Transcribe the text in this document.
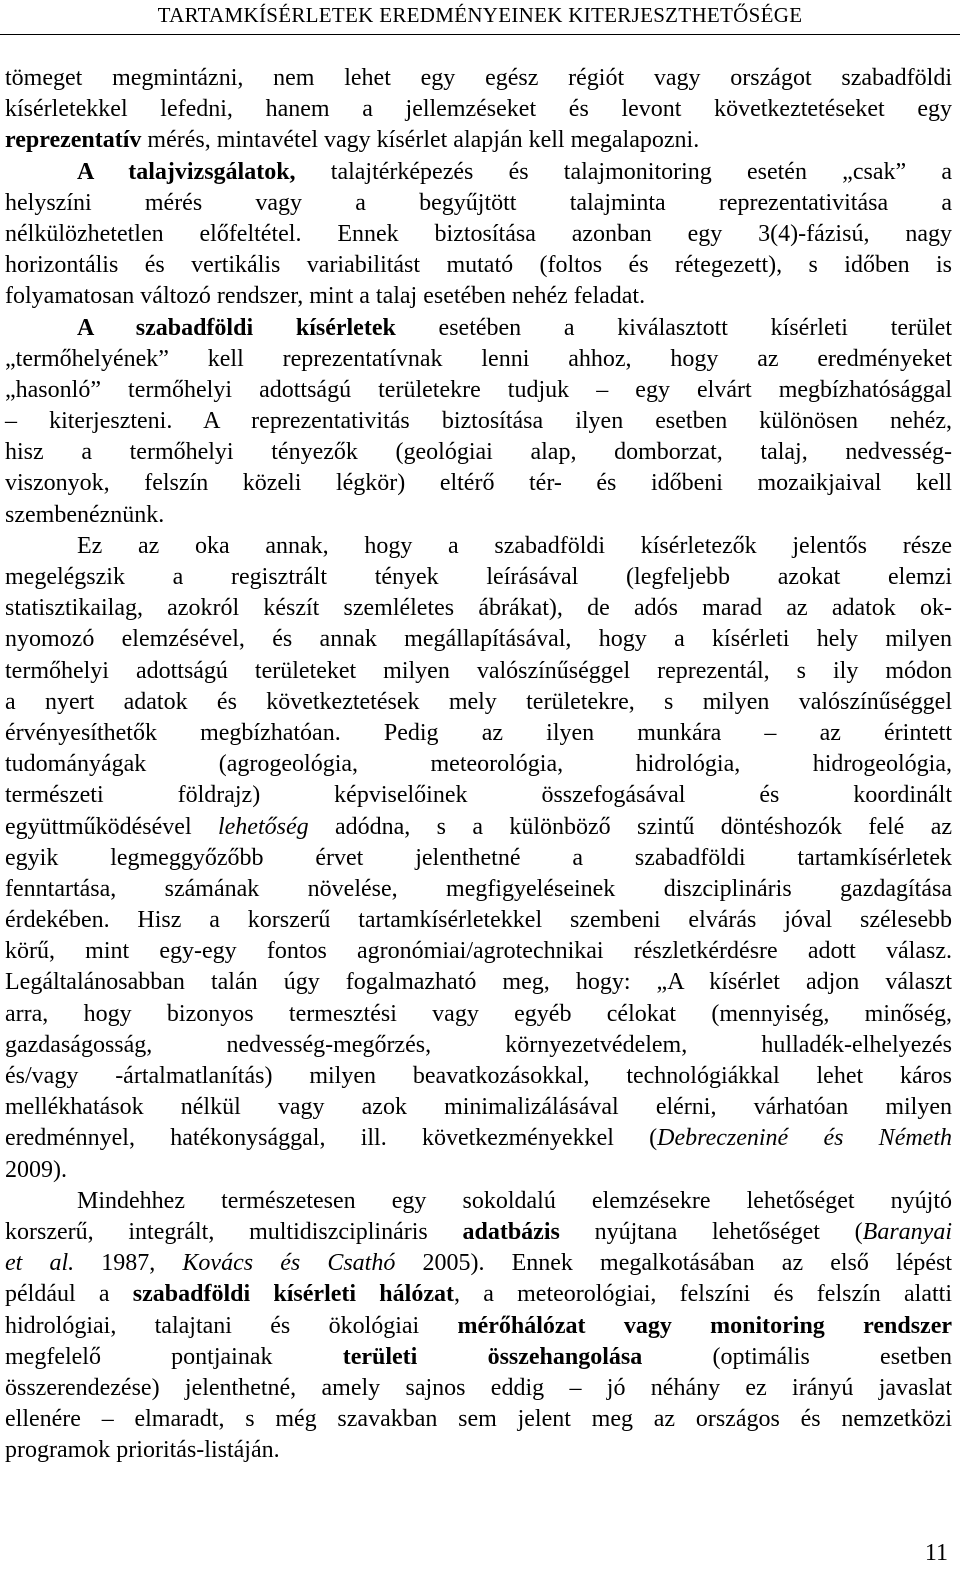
TARTAMKÍSÉRLETEK EREDMÉNYEINEK KITERJESZTHETŐSÉGE
tömeget megmintázni, nem lehet egy egész régiót vagy országot szabadföldi
kísérletekkel lefedni, hanem a jellemzéseket és levont következtetéseket egy
reprezentatív mérés, mintavétel vagy kísérlet alapján kell megalapozni.
A talajvizsgálatok, talajtérképezés és talajmonitoring esetén „csak” a
helyszíni mérés vagy a begyűjtött talajminta reprezentativitása a
nélkülözhetetlen előfeltétel. Ennek biztosítása azonban egy 3(4)-fázisú, nagy
horizontális és vertikális variabilitást mutató (foltos és rétegezett), s időben is
folyamatosan változó rendszer, mint a talaj esetében nehéz feladat.
A szabadföldi kísérletek esetében a kiválasztott kísérleti terület
„termőhelyének” kell reprezentatívnak lenni ahhoz, hogy az eredményeket
„hasonló” termőhelyi adottságú területekre tudjuk – egy elvárt megbízhatósággal
– kiterjeszteni. A reprezentativitás biztosítása ilyen esetben különösen nehéz,
hisz a termőhelyi tényezők (geológiai alap, domborzat, talaj, nedvesség-
viszonyok, felszín közeli légkör) eltérő tér- és időbeni mozaikjaival kell
szembenéznünk.
Ez az oka annak, hogy a szabadföldi kísérletezők jelentős része
megelégszik a regisztrált tények leírásával (legfeljebb azokat elemzi
statisztikailag, azokról készít szemléletes ábrákat), de adós marad az adatok ok-
nyomozó elemzésével, és annak megállapításával, hogy a kísérleti hely milyen
termőhelyi adottságú területeket milyen valószínűséggel reprezentál, s ily módon
a nyert adatok és következtetések mely területekre, s milyen valószínűséggel
érvényesíthetők megbízhatóan. Pedig az ilyen munkára – az érintett
tudományágak (agrogeológia, meteorológia, hidrológia, hidrogeológia,
természeti földrajz) képviselőinek összefogásával és koordinált
együttműködésével lehetőség adódna, s a különböző szintű döntéshozók felé az
egyik legmeggyőzőbb érvet jelenthetné a szabadföldi tartamkísérletek
fenntartása, számának növelése, megfigyeléseinek diszciplináris gazdagítása
érdekében. Hisz a korszerű tartamkísérletekkel szembeni elvárás jóval szélesebb
körű, mint egy-egy fontos agronómiai/agrotechnikai részletkérdésre adott válasz.
Legáltalánosabban talán úgy fogalmazható meg, hogy: „A kísérlet adjon választ
arra, hogy bizonyos termesztési vagy egyéb célokat (mennyiség, minőség,
gazdaságosság, nedvesség-megőrzés, környezetvédelem, hulladék-elhelyezés
és/vagy -ártalmatlanítás) milyen beavatkozásokkal, technológiákkal lehet káros
mellékhatások nélkül vagy azok minimalizálásával elérni, várhatóan milyen
eredménnyel, hatékonysággal, ill. következményekkel (Debreczeniné és Németh
2009).
Mindehhez természetesen egy sokoldalú elemzésekre lehetőséget nyújtó
korszerű, integrált, multidiszciplináris adatbázis nyújtana lehetőséget (Baranyai
et al. 1987, Kovács és Csathó 2005). Ennek megalkotásában az első lépést
például a szabadföldi kísérleti hálózat, a meteorológiai, felszíni és felszín alatti
hidrológiai, talajtani és ökológiai mérőhálózat vagy monitoring rendszer
megfelelő pontjainak területi összehangolása (optimális esetben
összerendezése) jelenthetné, amely sajnos eddig – jó néhány ez irányú javaslat
ellenére – elmaradt, s még szavakban sem jelent meg az országos és nemzetközi
programok prioritás-listáján.
11
